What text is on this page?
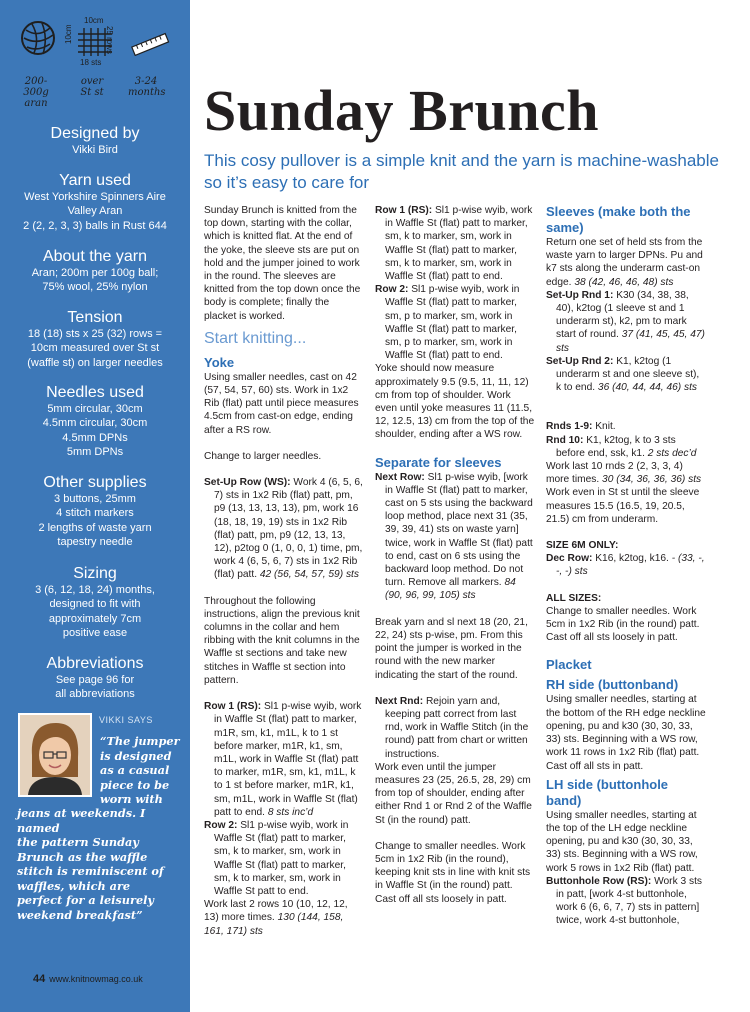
10cm
10cm	25 rows
18 sts
200-300g aran
over St st
3-24 months
Designed by
Vikki Bird
Yarn used
West Yorkshire Spinners Aire
Valley Aran
2 (2, 2, 3, 3) balls in Rust 644
About the yarn
Aran; 200m per 100g ball;
75% wool, 25% nylon
Tension
18 (18) sts x 25 (32) rows =
10cm measured over St st
(waffle st) on larger needles
Needles used
5mm circular, 30cm
4.5mm circular, 30cm
4.5mm DPNs
5mm DPNs
Other supplies
3 buttons, 25mm
4 stitch markers
2 lengths of waste yarn
tapestry needle
Sizing
3 (6, 12, 18, 24) months,
designed to fit with
approximately 7cm
positive ease
Abbreviations
See page 96 for
all abbreviations
VIKKI SAYS
“The jumper
is designed
as a casual
piece to be
worn with
jeans at weekends. I named
the pattern Sunday
Brunch as the waffle
stitch is reminiscent of
waffles, which are
perfect for a leisurely
weekend breakfast”
44 www.knitnowmag.co.uk
Sunday Brunch
This cosy pullover is a simple knit and the yarn is machine-washable so it’s easy to care for

Sunday Brunch is knitted from the top down, starting with the collar, which is knitted flat. At the end of the yoke, the sleeve sts are put on hold and the jumper joined to work in the round. The sleeves are knitted from the top down once the body is complete; finally the placket is worked.

Start knitting...
Yoke

Using smaller needles, cast on 42 (57, 54, 57, 60) sts. Work in 1x2 Rib (flat) patt until piece measures 4.5cm from cast-on edge, ending after a RS row.

Change to larger needles.

Set-Up Row (WS): Work 4 (6, 5, 6, 7) sts in 1x2 Rib (flat) patt, pm, p9 (13, 13, 13, 13), pm, work 16 (18, 18, 19, 19) sts in 1x2 Rib (flat) patt, pm, p9 (12, 13, 13, 12), p2tog 0 (1, 0, 0, 1) time, pm, work 4 (6, 5, 6, 7) sts in 1x2 Rib (flat) patt. 42 (56, 54, 57, 59) sts

Throughout the following instructions, align the previous knit columns in the collar and hem ribbing with the knit columns in the Waffle st sections and take new stitches in Waffle st section into pattern.

Row 1 (RS): Sl1 p-wise wyib, work in Waffle St (flat) patt to marker, m1R, sm, k1, m1L, k to 1 st before marker, m1R, k1, sm, m1L, work in Waffle St (flat) patt to marker, m1R, sm, k1, m1L, k to 1 st before marker, m1R, k1, sm, m1L, work in Waffle St (flat) patt to end. 8 sts inc’d

Row 2: Sl1 p-wise wyib, work in Waffle St (flat) patt to marker, sm, k to marker, sm, work in Waffle St (flat) patt to marker, sm, k to marker, sm, work in Waffle St patt to end.

Work last 2 rows 10 (10, 12, 12, 13) more times. 130 (144, 158, 161, 171) sts

Row 1 (RS): Sl1 p-wise wyib, work in Waffle St (flat) patt to marker, sm, k to marker, sm, work in Waffle St (flat) patt to marker, sm, k to marker, sm, work in Waffle St (flat) patt to end.

Row 2: Sl1 p-wise wyib, work in Waffle St (flat) patt to marker, sm, p to marker, sm, work in Waffle St (flat) patt to marker, sm, p to marker, sm, work in Waffle St (flat) patt to end.

Yoke should now measure approximately 9.5 (9.5, 11, 11, 12) cm from top of shoulder. Work even until yoke measures 11 (11.5, 12, 12.5, 13) cm from the top of the shoulder, ending after a WS row.

Separate for sleeves

Next Row: Sl1 p-wise wyib, [work in Waffle St (flat) patt to marker, cast on 5 sts using the backward loop method, place next 31 (35, 39, 39, 41) sts on waste yarn] twice, work in Waffle St (flat) patt to end, cast on 6 sts using the backward loop method. Do not turn. Remove all markers. 84 (90, 96, 99, 105) sts

Break yarn and sl next 18 (20, 21, 22, 24) sts p-wise, pm. From this point the jumper is worked in the round with the new marker indicating the start of the round.

Next Rnd: Rejoin yarn and, keeping patt correct from last rnd, work in Waffle Stitch (in the round) patt from chart or written instructions.

Work even until the jumper measures 23 (25, 26.5, 28, 29) cm from top of shoulder, ending after either Rnd 1 or Rnd 2 of the Waffle St (in the round) patt.

Change to smaller needles. Work 5cm in 1x2 Rib (in the round), keeping knit sts in line with knit sts in Waffle St (in the round) patt. Cast off all sts loosely in patt.

Sleeves (make both the same)

Return one set of held sts from the waste yarn to larger DPNs. Pu and k7 sts along the underarm cast-on edge. 38 (42, 46, 46, 48) sts

Set-Up Rnd 1: K30 (34, 38, 38, 40), k2tog (1 sleeve st and 1 underarm st), k2, pm to mark start of round. 37 (41, 45, 45, 47) sts

Set-Up Rnd 2: K1, k2tog (1 underarm st and one sleeve st), k to end. 36 (40, 44, 44, 46) sts

Rnds 1-9: Knit.

Rnd 10: K1, k2tog, k to 3 sts before end, ssk, k1. 2 sts dec’d

Work last 10 rnds 2 (2, 3, 3, 4) more times. 30 (34, 36, 36, 36) sts

Work even in St st until the sleeve measures 15.5 (16.5, 19, 20.5, 21.5) cm from underarm.

SIZE 6M ONLY:

Dec Row: K16, k2tog, k16. - (33, -, -, -) sts

ALL SIZES:

Change to smaller needles. Work 5cm in 1x2 Rib (in the round) patt. Cast off all sts loosely in patt.

Placket
RH side (buttonband)

Using smaller needles, starting at the bottom of the RH edge neckline opening, pu and k30 (30, 30, 33, 33) sts. Beginning with a WS row, work 11 rows in 1x2 Rib (flat) patt. Cast off all sts in patt.

LH side (buttonhole band)

Using smaller needles, starting at the top of the LH edge neckline opening, pu and k30 (30, 30, 33, 33) sts. Beginning with a WS row, work 5 rows in 1x2 Rib (flat) patt.

Buttonhole Row (RS): Work 3 sts in patt, [work 4-st buttonhole, work 6 (6, 6, 7, 7) sts in pattern] twice, work 4-st buttonhole,
